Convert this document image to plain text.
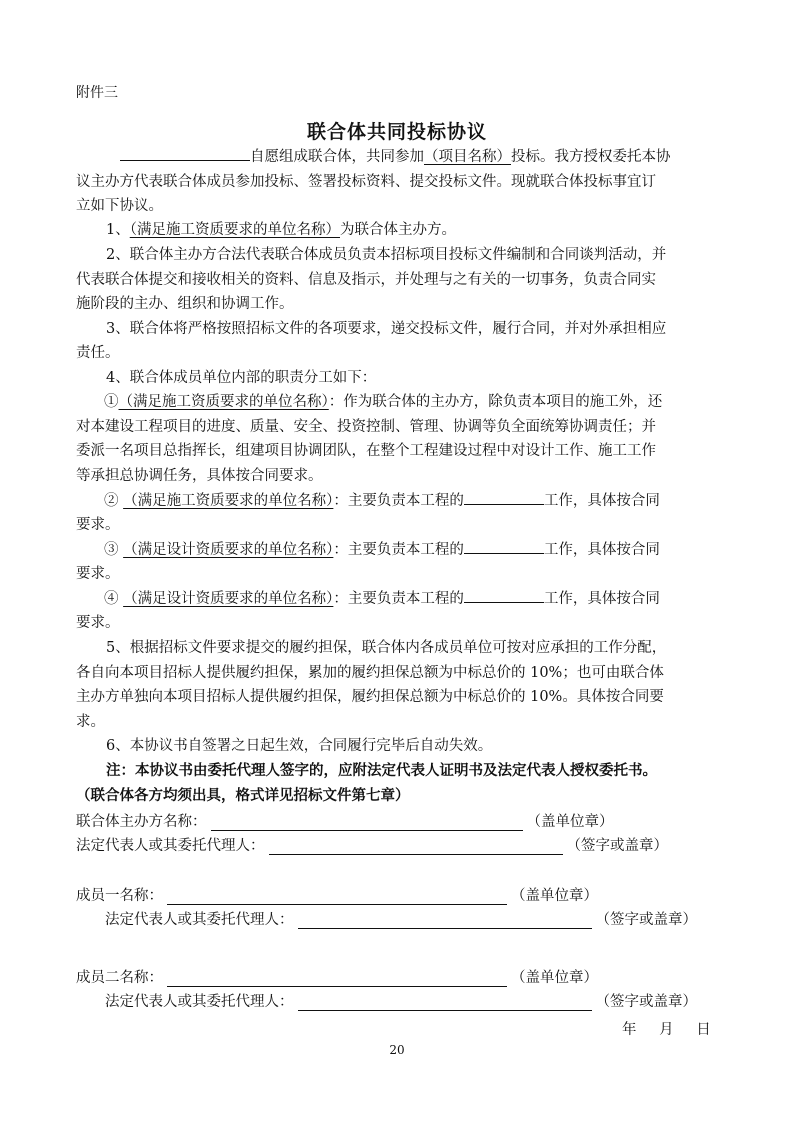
附件三
联合体共同投标协议
自愿组成联合体，共同参加（项目名称）投标。我方授权委托本协
议主办方代表联合体成员参加投标、签署投标资料、提交投标文件。现就联合体投标事宜订
立如下协议。
1、（满足施工资质要求的单位名称）为联合体主办方。
2、联合体主办方合法代表联合体成员负责本招标项目投标文件编制和合同谈判活动，并
代表联合体提交和接收相关的资料、信息及指示，并处理与之有关的一切事务，负责合同实
施阶段的主办、组织和协调工作。
3、联合体将严格按照招标文件的各项要求，递交投标文件，履行合同，并对外承担相应
责任。
4、联合体成员单位内部的职责分工如下：
①（满足施工资质要求的单位名称）：作为联合体的主办方，除负责本项目的施工外，还
对本建设工程项目的进度、质量、安全、投资控制、管理、协调等负全面统筹协调责任；并
委派一名项目总指挥长，组建项目协调团队，在整个工程建设过程中对设计工作、施工工作
等承担总协调任务，具体按合同要求。
② （满足施工资质要求的单位名称）：主要负责本工程的	工作，具体按合同
要求。
③ （满足设计资质要求的单位名称）：主要负责本工程的	工作，具体按合同
要求。
④ （满足设计资质要求的单位名称）：主要负责本工程的	工作，具体按合同
要求。
5、根据招标文件要求提交的履约担保，联合体内各成员单位可按对应承担的工作分配，
各自向本项目招标人提供履约担保，累加的履约担保总额为中标总价的 10%；也可由联合体
主办方单独向本项目招标人提供履约担保，履约担保总额为中标总价的 10%。具体按合同要
求。
6、本协议书自签署之日起生效，合同履行完毕后自动失效。
注：本协议书由委托代理人签字的，应附法定代表人证明书及法定代表人授权委托书。
（联合体各方均须出具，格式详见招标文件第七章）
联合体主办方名称：	（盖单位章）
法定代表人或其委托代理人：	（签字或盖章）
成员一名称：	（盖单位章）
法定代表人或其委托代理人：	（签字或盖章）
成员二名称：	（盖单位章）
法定代表人或其委托代理人：	（签字或盖章）
年 月 日
20
